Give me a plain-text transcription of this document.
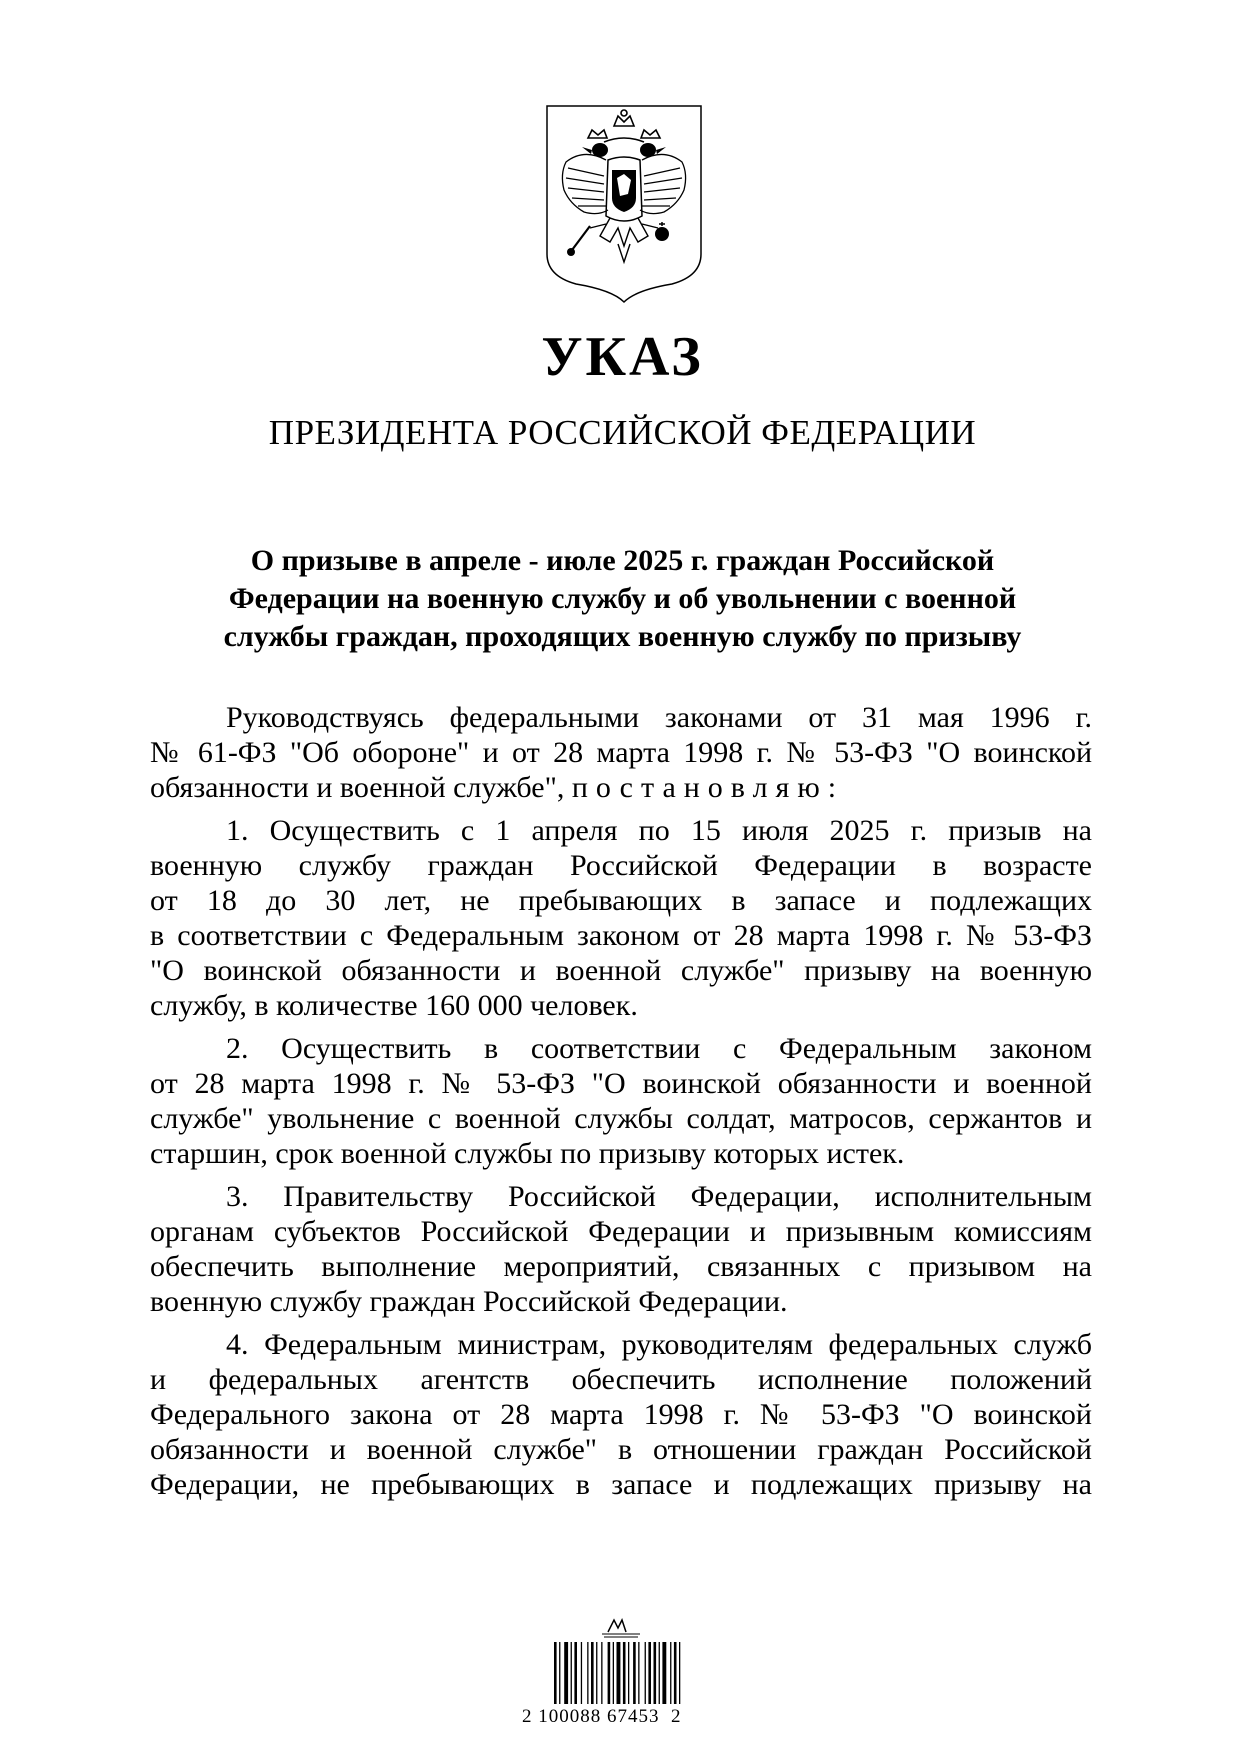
УКАЗ
ПРЕЗИДЕНТА РОССИЙСКОЙ ФЕДЕРАЦИИ
О призыве в апреле - июле 2025 г. граждан Российской
Федерации на военную службу и об увольнении с военной
службы граждан, проходящих военную службу по призыву
Руководствуясь федеральными законами от 31 мая 1996 г.
№ 61-ФЗ "Об обороне" и от 28 марта 1998 г. № 53-ФЗ "О воинской
обязанности и военной службе", постановляю:
1. Осуществить с 1 апреля по 15 июля 2025 г. призыв на
военную службу граждан Российской Федерации в возрасте
от 18 до 30 лет, не пребывающих в запасе и подлежащих
в соответствии с Федеральным законом от 28 марта 1998 г. № 53-ФЗ
"О воинской обязанности и военной службе" призыву на военную
службу, в количестве 160 000 человек.
2. Осуществить в соответствии с Федеральным законом
от 28 марта 1998 г. № 53-ФЗ "О воинской обязанности и военной
службе" увольнение с военной службы солдат, матросов, сержантов и
старшин, срок военной службы по призыву которых истек.
3. Правительству Российской Федерации, исполнительным
органам субъектов Российской Федерации и призывным комиссиям
обеспечить выполнение мероприятий, связанных с призывом на
военную службу граждан Российской Федерации.
4. Федеральным министрам, руководителям федеральных служб
и федеральных агентств обеспечить исполнение положений
Федерального закона от 28 марта 1998 г. № 53-ФЗ "О воинской
обязанности и военной службе" в отношении граждан Российской
Федерации, не пребывающих в запасе и подлежащих призыву на
2 100088 67453  2
